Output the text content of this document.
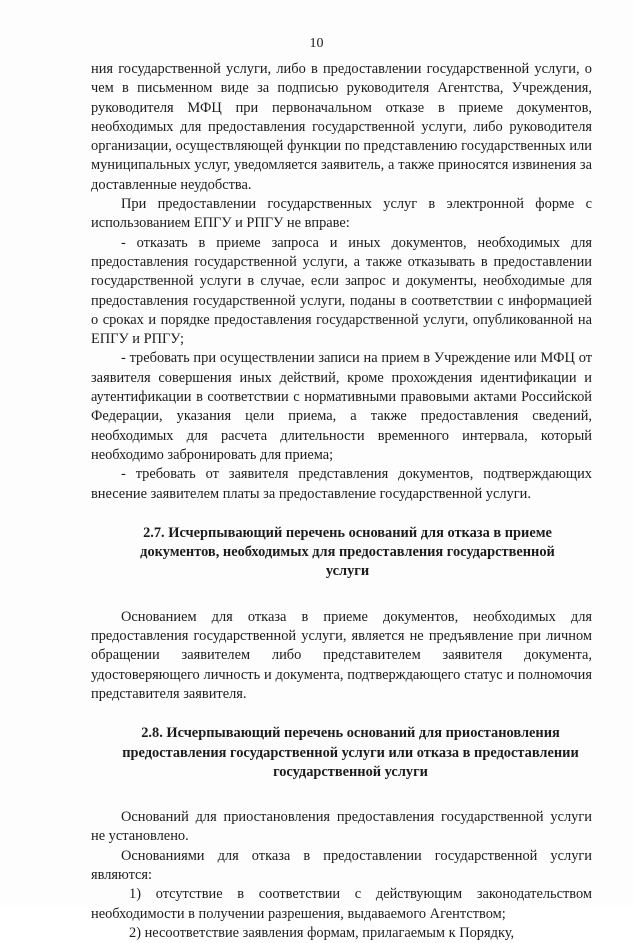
10

ния государственной услуги, либо в предоставлении государственной услуги, о чем в письменном виде за подписью руководителя Агентства, Учреждения, руководителя МФЦ при первоначальном отказе в приеме документов, необходимых для предоставления государственной услуги, либо руководителя организации, осуществляющей функции по представлению государственных или муниципальных услуг, уведомляется заявитель, а также приносятся извинения за доставленные неудобства.

При предоставлении государственных услуг в электронной форме с использованием ЕПГУ и РПГУ не вправе:

- отказать в приеме запроса и иных документов, необходимых для предоставления государственной услуги, а также отказывать в предоставлении государственной услуги в случае, если запрос и документы, необходимые для предоставления государственной услуги, поданы в соответствии с информацией о сроках и порядке предоставления государственной услуги, опубликованной на ЕПГУ и РПГУ;

- требовать при осуществлении записи на прием в Учреждение или МФЦ от заявителя совершения иных действий, кроме прохождения идентификации и аутентификации в соответствии с нормативными правовыми актами Российской Федерации, указания цели приема, а также предоставления сведений, необходимых для расчета длительности временного интервала, который необходимо забронировать для приема;

- требовать от заявителя представления документов, подтверждающих внесение заявителем платы за предоставление государственной услуги.

2.7. Исчерпывающий перечень оснований для отказа в приеме документов, необходимых для предоставления государственной услуги

Основанием для отказа в приеме документов, необходимых для предоставления государственной услуги, является не предъявление при личном обращении заявителем либо представителем заявителя документа, удостоверяющего личность и документа, подтверждающего статус и полномочия представителя заявителя.

2.8. Исчерпывающий перечень оснований для приостановления предоставления государственной услуги или отказа в предоставлении государственной услуги

Оснований для приостановления предоставления государственной услуги не установлено.

Основаниями для отказа в предоставлении государственной услуги являются:

1) отсутствие в соответствии с действующим законодательством необходимости в получении разрешения, выдаваемого Агентством;

2) несоответствие заявления формам, прилагаемым к Порядку,
